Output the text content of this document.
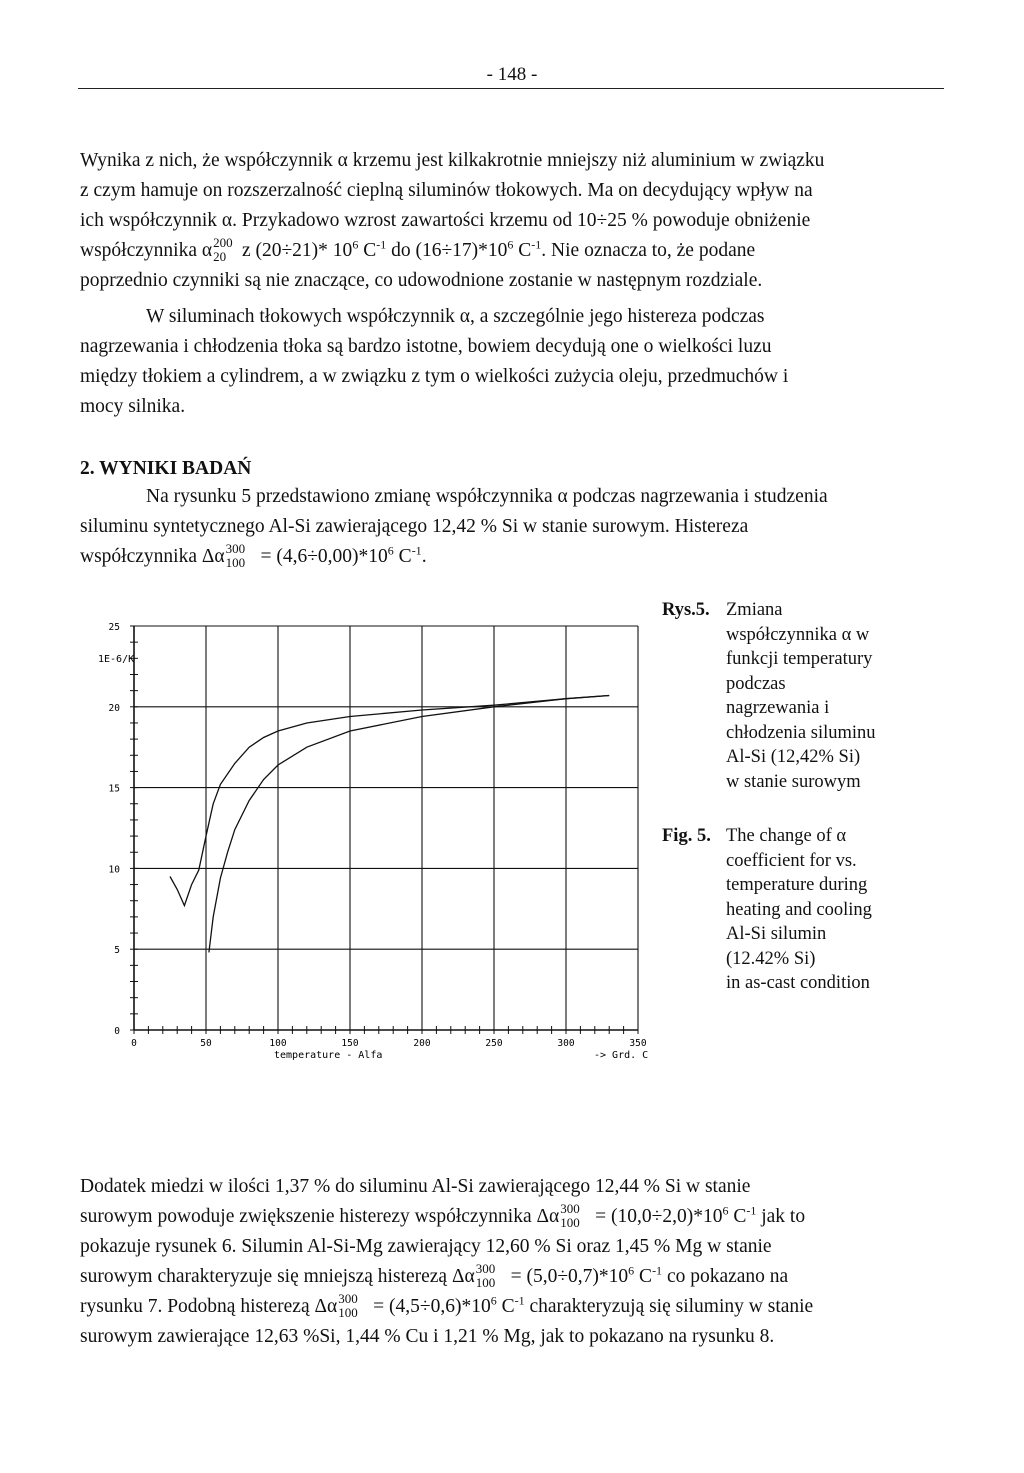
- 148 -
Wynika z nich, że współczynnik α krzemu jest kilkakrotnie mniejszy niż aluminium w związku
z czym hamuje on rozszerzalność cieplną siluminów tłokowych. Ma on decydujący wpływ na
ich współczynnik α. Przykadowo wzrost zawartości krzemu od 10÷25 % powoduje obniżenie
współczynnika α 200
20 z (20÷21)* $10^6$ $C^{-1}$ do $(16\div 17)*10^6$ $C^{-1}$. Nie oznacza to, że podane
poprzednio czynniki są nie znaczące, co udowodnione zostanie w następnym rozdziale.
W siluminach tłokowych współczynnik α, a szczególnie jego histereza podczas
nagrzewania i chłodzenia tłoka są bardzo istotne, bowiem decydują one o wielkości luzu
między tłokiem a cylindrem, a w związku z tym o wielkości zużycia oleju, przedmuchów i
mocy silnika.
2. WYNIKI BADAŃ
Na rysunku 5 przedstawiono zmianę współczynnika α podczas nagrzewania i studzenia
siluminu syntetycznego Al-Si zawierającego 12,42 % Si w stanie surowym. Histereza
współczynnika Δα 300
$100 = (4,6\div 0,00)*10^6$ $C^{-1}$.
0	50	100	150	200	250	300	350
0
5
10
15
20
25
1E-6/K
temperature - Alfa	-> Grd. C
Rys.5. Zmiana
współczynnika α w
funkcji temperatury
podczas
nagrzewania i
chłodzenia siluminu
Al-Si (12,42% Si)
w stanie surowym
Fig. 5. The change of α
coefficient for vs.
temperature during
heating and cooling
Al-Si silumin
(12.42% Si)
in as-cast condition
Dodatek miedzi w ilości 1,37 % do siluminu Al-Si zawierającego 12,44 % Si w stanie
surowym powoduje zwiększenie histerezy współczynnika Δα 300
$100 = (10,0\div 2,0)*10^6$ $C^{-1}$ jak to
pokazuje rysunek 6. Silumin Al-Si-Mg zawierający 12,60 % Si oraz 1,45 % Mg w stanie
surowym charakteryzuje się mniejszą histerezą Δα 300
$100 = (5,0\div 0,7)*10^6$ $C^{-1}$ co pokazano na
rysunku 7. Podobną histerezą Δα 300
$100 = (4,5\div 0,6)*10^6$ $C^{-1}$ charakteryzują się siluminy w stanie
surowym zawierające 12,63 %Si, 1,44 % Cu i 1,21 % Mg, jak to pokazano na rysunku 8.
